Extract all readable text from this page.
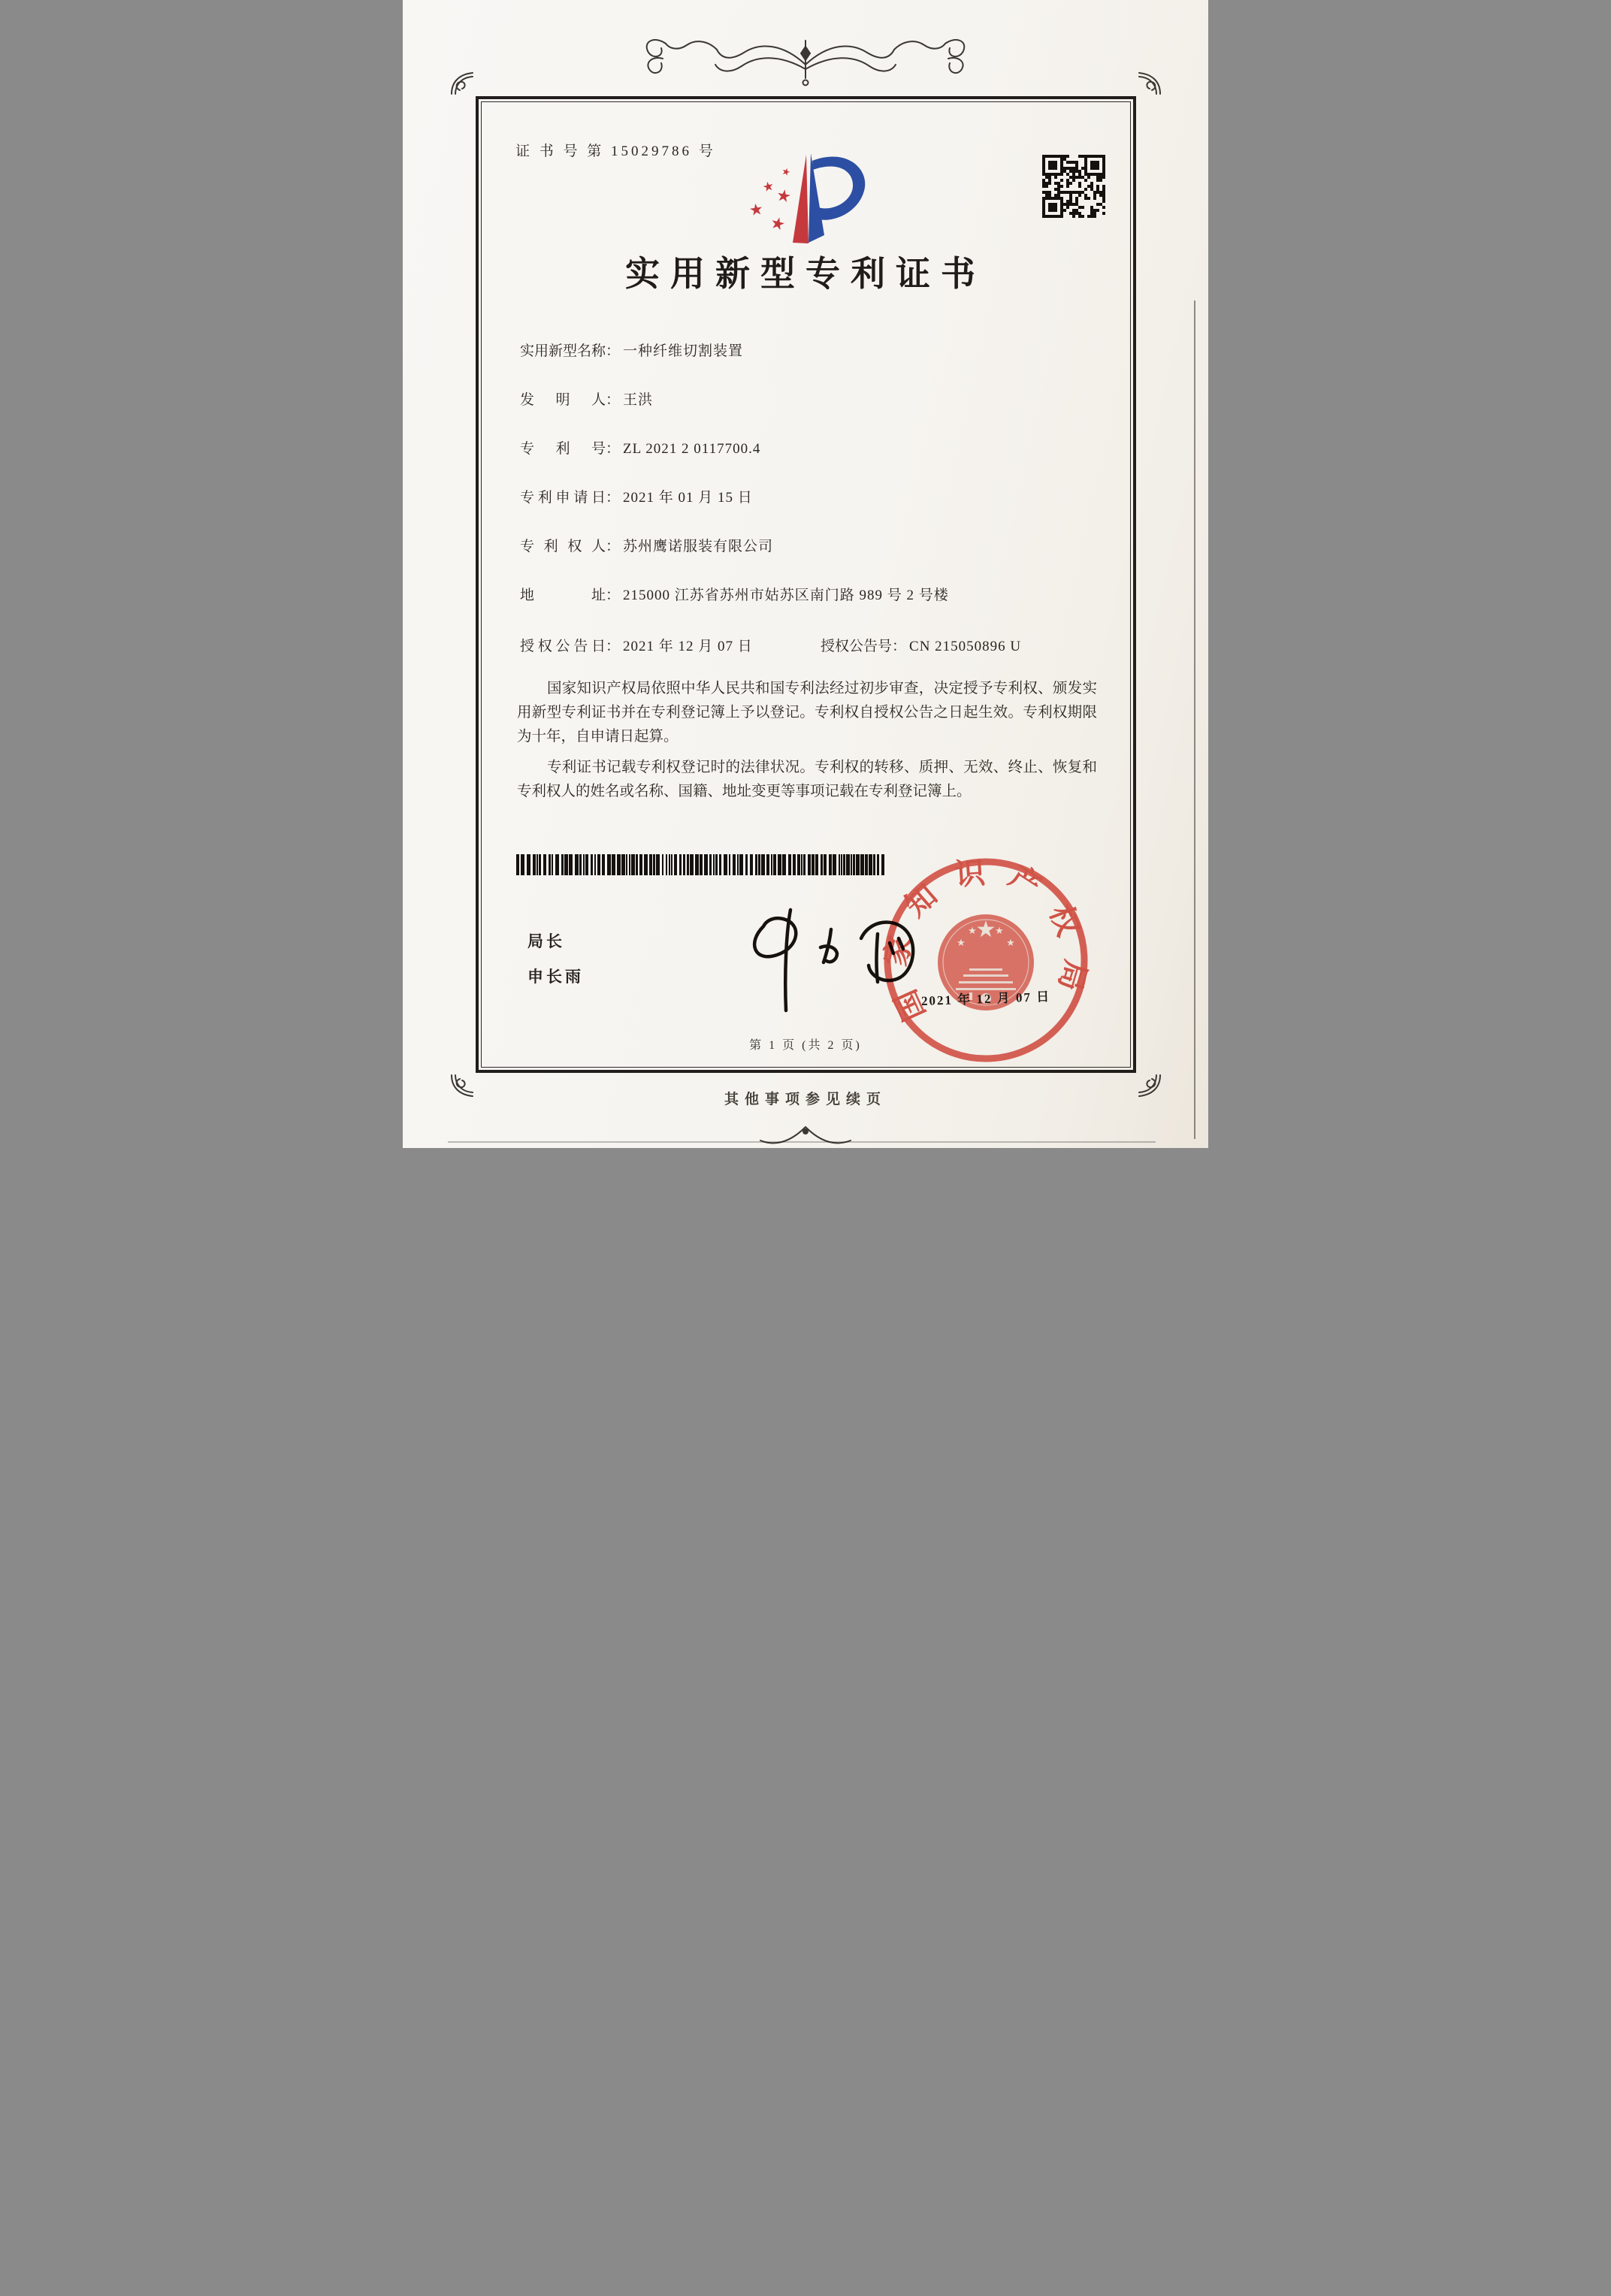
证 书 号 第 15029786 号
★
★ ★
★
★
实用新型专利证书
实用新型名称： 一种纤维切割装置
发明人： 王洪
专利号： ZL 2021 2 0117700.4
专利申请日： 2021 年 01 月 15 日
专利权人： 苏州鹰诺服装有限公司
地址： 215000 江苏省苏州市姑苏区南门路 989 号 2 号楼
授权公告日： 2021 年 12 月 07 日	授权公告号： CN 215050896 U

国家知识产权局依照中华人民共和国专利法经过初步审查，决定授予专利权、颁发实用新型专利证书并在专利登记簿上予以登记。专利权自授权公告之日起生效。专利权期限为十年，自申请日起算。

专利证书记载专利权登记时的法律状况。专利权的转移、质押、无效、终止、恢复和专利权人的姓名或名称、国籍、地址变更等事项记载在专利登记簿上。

局长
申长雨	国家知识产权局
★
★
★ ★
★
2021 年 12 月 07 日
第 1 页 (共 2 页)
其他事项参见续页
